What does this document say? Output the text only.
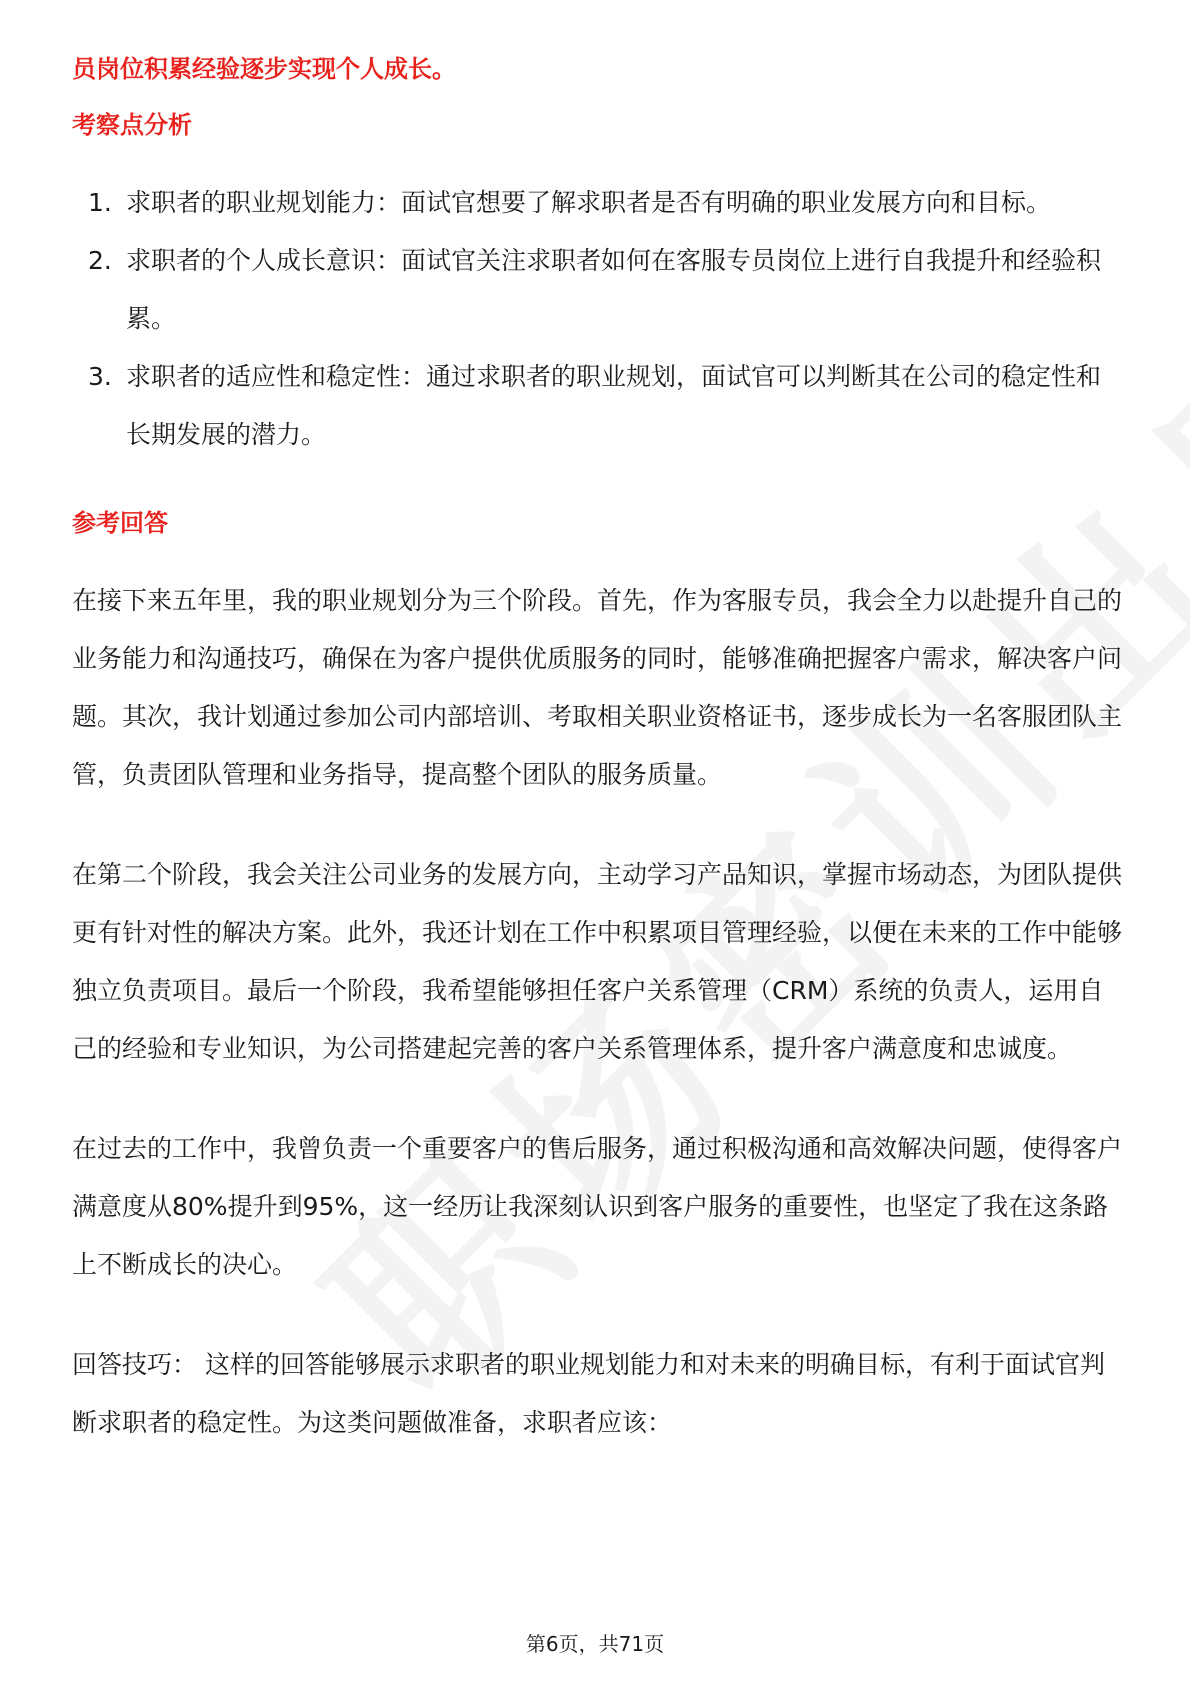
员岗位积累经验逐步实现个人成长。
考察点分析
1. 求职者的职业规划能力：面试官想要了解求职者是否有明确的职业发展方向和目标。
2. 求职者的个人成长意识：面试官关注求职者如何在客服专员岗位上进行自我提升和经验积累。
3. 求职者的适应性和稳定性：通过求职者的职业规划，面试官可以判断其在公司的稳定性和长期发展的潜力。
参考回答

在接下来五年里，我的职业规划分为三个阶段。首先，作为客服专员，我会全力以赴提升自己的业务能力和沟通技巧，确保在为客户提供优质服务的同时，能够准确把握客户需求，解决客户问题。其次，我计划通过参加公司内部培训、考取相关职业资格证书，逐步成长为一名客服团队主管，负责团队管理和业务指导，提高整个团队的服务质量。

在第二个阶段，我会关注公司业务的发展方向，主动学习产品知识，掌握市场动态，为团队提供更有针对性的解决方案。此外，我还计划在工作中积累项目管理经验，以便在未来的工作中能够独立负责项目。最后一个阶段，我希望能够担任客户关系管理（CRM）系统的负责人，运用自己的经验和专业知识，为公司搭建起完善的客户关系管理体系，提升客户满意度和忠诚度。

在过去的工作中，我曾负责一个重要客户的售后服务，通过积极沟通和高效解决问题，使得客户满意度从80%提升到95%，这一经历让我深刻认识到客户服务的重要性，也坚定了我在这条路上不断成长的决心。

回答技巧： 这样的回答能够展示求职者的职业规划能力和对未来的明确目标，有利于面试官判断求职者的稳定性。为这类问题做准备，求职者应该：

第6页，共71页
